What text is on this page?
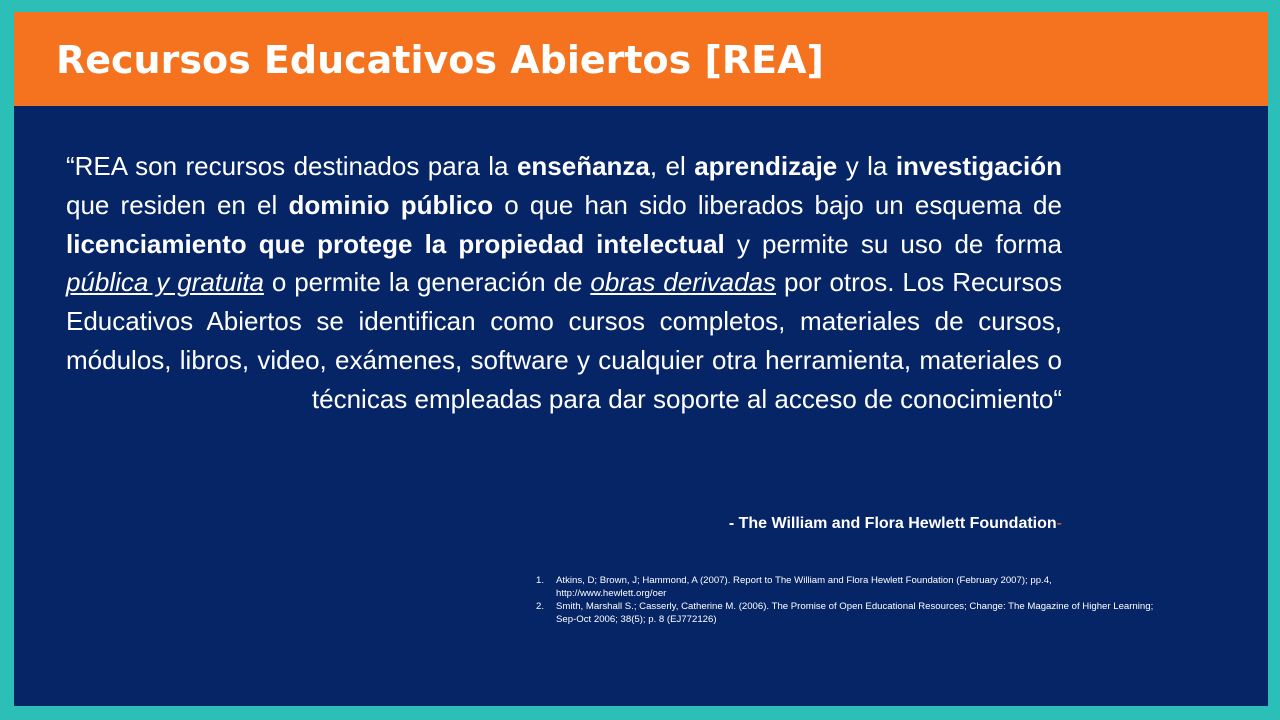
Recursos Educativos Abiertos [REA]

“REA son recursos destinados para la enseñanza, el aprendizaje y la investigación que residen en el dominio público o que han sido liberados bajo un esquema de licenciamiento que protege la propiedad intelectual y permite su uso de forma pública y gratuita o permite la generación de obras derivadas por otros. Los Recursos Educativos Abiertos se identifican como cursos completos, materiales de cursos, módulos, libros, video, exámenes, software y cualquier otra herramienta, materiales o técnicas empleadas para dar soporte al acceso de conocimiento“

- The William and Flora Hewlett Foundation-

1. Atkins, D; Brown, J; Hammond, A (2007). Report to The William and Flora Hewlett Foundation (February 2007); pp.4, http://www.hewlett.org/oer
2. Smith, Marshall S.; Casserly, Catherine M. (2006). The Promise of Open Educational Resources; Change: The Magazine of Higher Learning; Sep-Oct 2006; 38(5); p. 8 (EJ772126)
